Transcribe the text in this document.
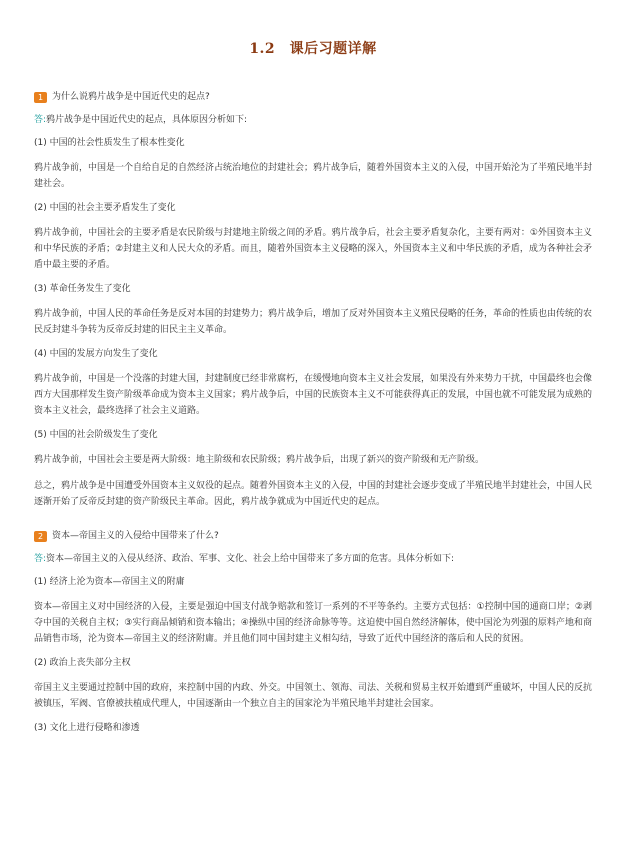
1.2　课后习题详解
1 为什么说鸦片战争是中国近代史的起点?
答:鸦片战争是中国近代史的起点，具体原因分析如下:
(1) 中国的社会性质发生了根本性变化
鸦片战争前，中国是一个自给自足的自然经济占统治地位的封建社会；鸦片战争后，随着外国资本主义的入侵，中国开始沦为了半殖民地半封建社会。
(2) 中国的社会主要矛盾发生了变化
鸦片战争前，中国社会的主要矛盾是农民阶级与封建地主阶级之间的矛盾。鸦片战争后，社会主要矛盾复杂化，主要有两对：①外国资本主义和中华民族的矛盾；②封建主义和人民大众的矛盾。而且，随着外国资本主义侵略的深入，外国资本主义和中华民族的矛盾，成为各种社会矛盾中最主要的矛盾。
(3) 革命任务发生了变化
鸦片战争前，中国人民的革命任务是反对本国的封建势力；鸦片战争后，增加了反对外国资本主义殖民侵略的任务，革命的性质也由传统的农民反封建斗争转为反帝反封建的旧民主主义革命。
(4) 中国的发展方向发生了变化
鸦片战争前，中国是一个没落的封建大国，封建制度已经非常腐朽，在缓慢地向资本主义社会发展，如果没有外来势力干扰，中国最终也会像西方大国那样发生资产阶级革命成为资本主义国家；鸦片战争后，中国的民族资本主义不可能获得真正的发展，中国也就不可能发展为成熟的资本主义社会，最终选择了社会主义道路。
(5) 中国的社会阶级发生了变化
鸦片战争前，中国社会主要是两大阶级：地主阶级和农民阶级；鸦片战争后，出现了新兴的资产阶级和无产阶级。
总之，鸦片战争是中国遭受外国资本主义奴役的起点。随着外国资本主义的入侵，中国的封建社会逐步变成了半殖民地半封建社会，中国人民逐渐开始了反帝反封建的资产阶级民主革命。因此，鸦片战争就成为中国近代史的起点。
2 资本—帝国主义的入侵给中国带来了什么?
答:资本—帝国主义的入侵从经济、政治、军事、文化、社会上给中国带来了多方面的危害。具体分析如下:
(1) 经济上沦为资本—帝国主义的附庸
资本—帝国主义对中国经济的入侵，主要是强迫中国支付战争赔款和签订一系列的不平等条约。主要方式包括：①控制中国的通商口岸；②剥夺中国的关税自主权；③实行商品倾销和资本输出；④操纵中国的经济命脉等等。这迫使中国自然经济解体，使中国沦为列强的原料产地和商品销售市场，沦为资本—帝国主义的经济附庸。并且他们同中国封建主义相勾结，导致了近代中国经济的落后和人民的贫困。
(2) 政治上丧失部分主权
帝国主义主要通过控制中国的政府，来控制中国的内政、外交。中国领土、领海、司法、关税和贸易主权开始遭到严重破坏，中国人民的反抗被镇压，军阀、官僚被扶植成代理人，中国逐渐由一个独立自主的国家沦为半殖民地半封建社会国家。
(3) 文化上进行侵略和渗透
